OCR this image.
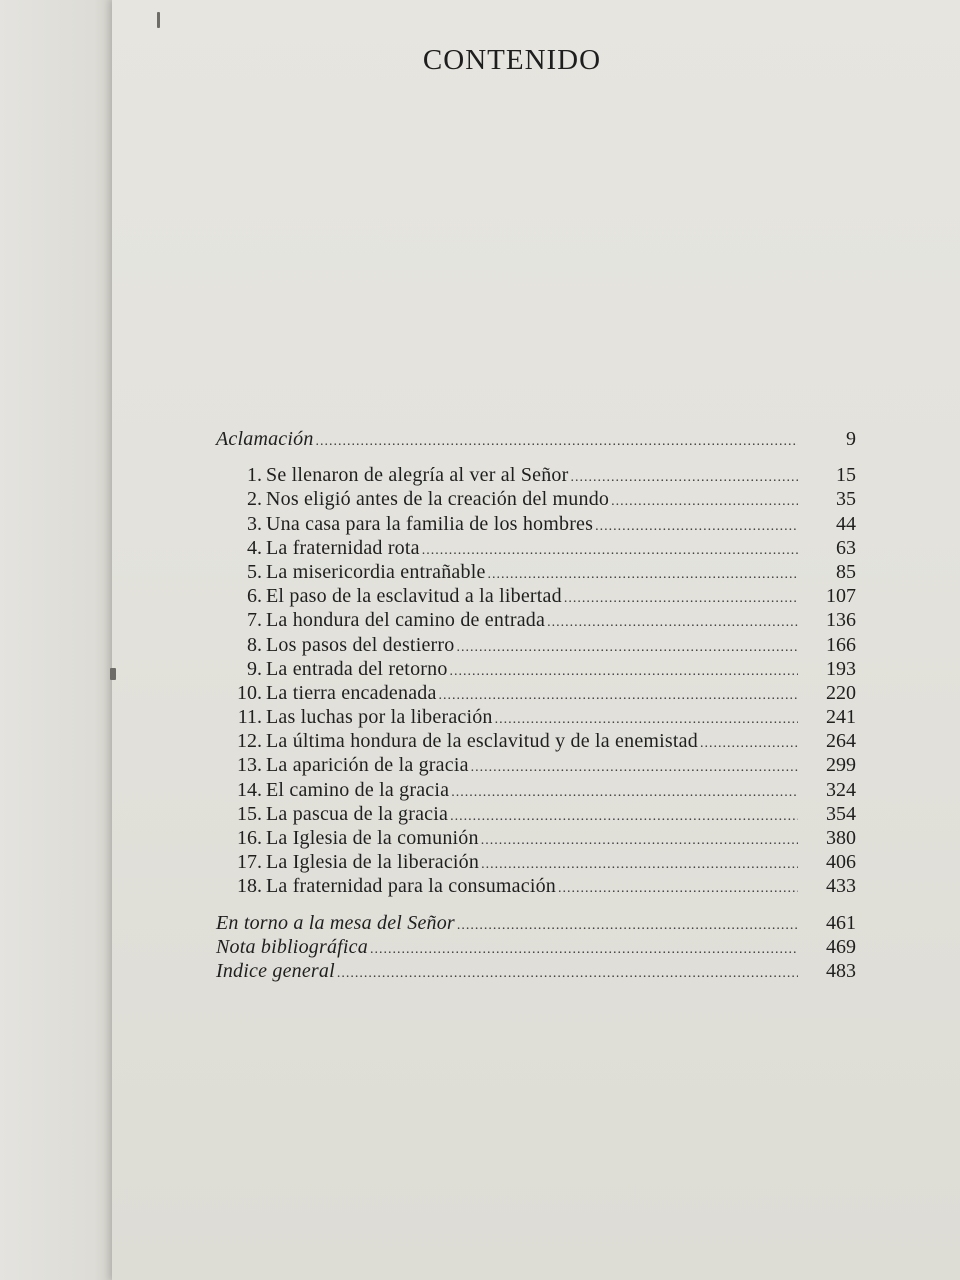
CONTENIDO
Aclamación .....	9
1. Se llenaron de alegría al ver al Señor .....	15
2. Nos eligió antes de la creación del mundo .....	35
3. Una casa para la familia de los hombres .....	44
4. La fraternidad rota .....	63
5. La misericordia entrañable .....	85
6. El paso de la esclavitud a la libertad .....	107
7. La hondura del camino de entrada .....	136
8. Los pasos del destierro .....	166
9. La entrada del retorno .....	193
10. La tierra encadenada .....	220
11. Las luchas por la liberación .....	241
12. La última hondura de la esclavitud y de la enemistad .....	264
13. La aparición de la gracia .....	299
14. El camino de la gracia .....	324
15. La pascua de la gracia .....	354
16. La Iglesia de la comunión .....	380
17. La Iglesia de la liberación .....	406
18. La fraternidad para la consumación .....	433
En torno a la mesa del Señor .....	461
Nota bibliográfica .....	469
Indice general .....	483
